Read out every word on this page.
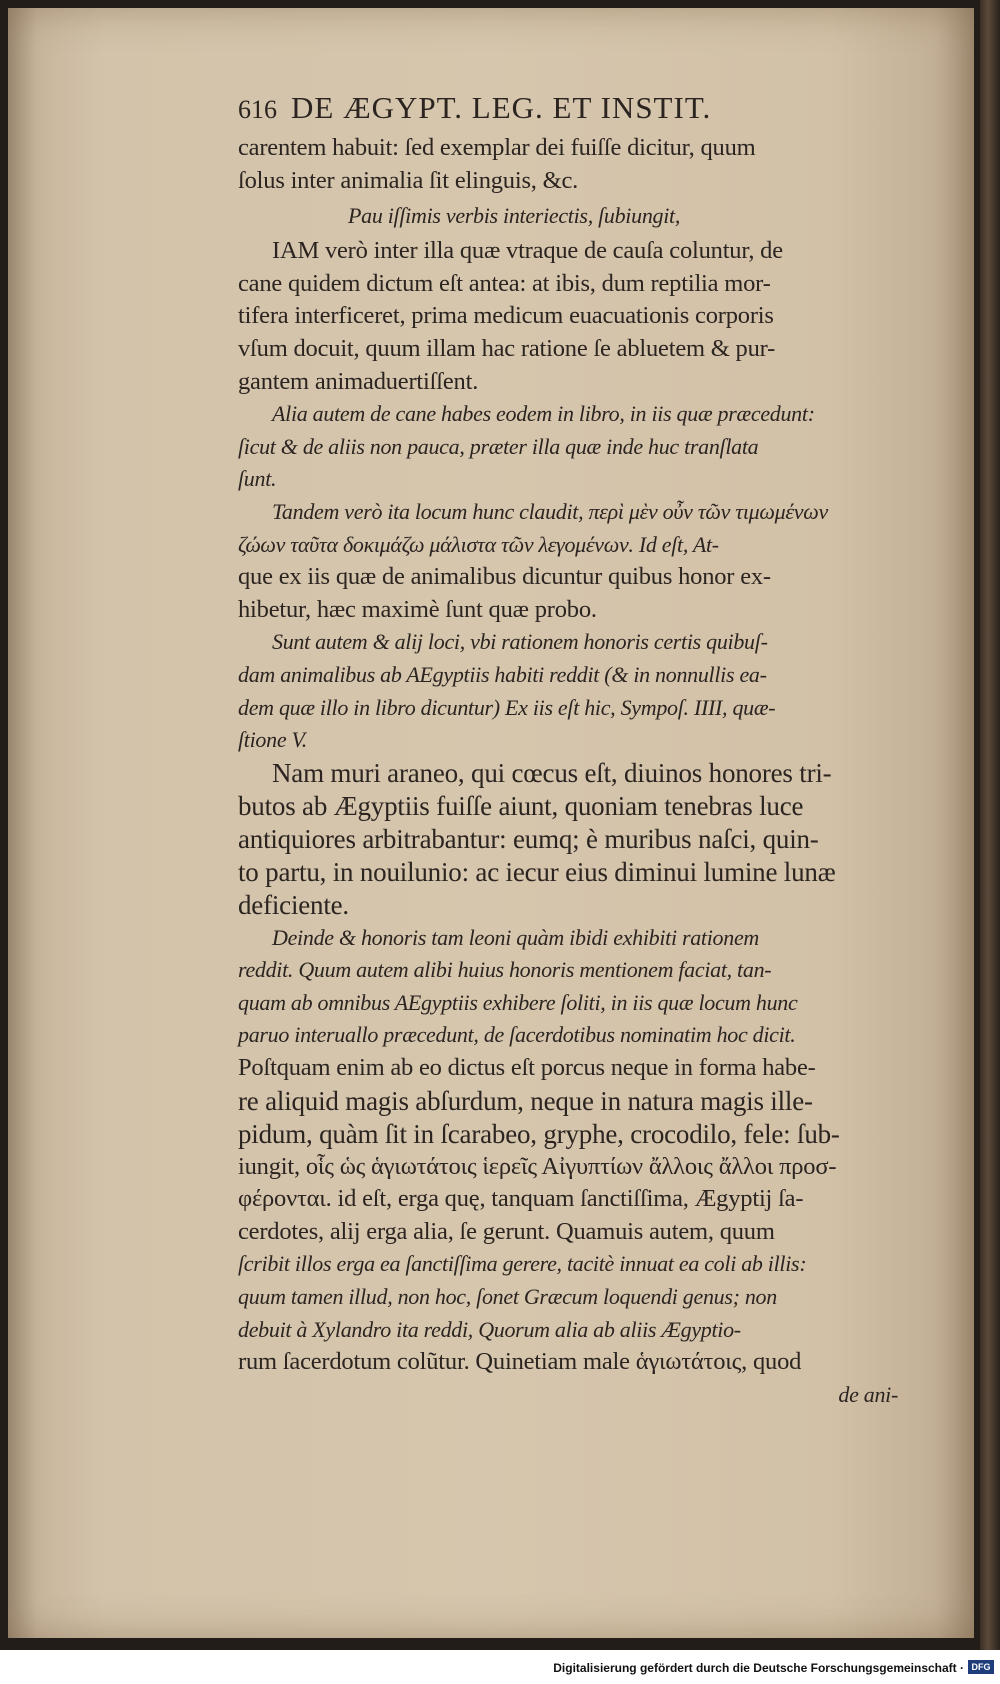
616 DE ÆGYPT. LEG. ET INSTIT.
carentem habuit: ſed exemplar dei fuiſſe dicitur, quum
ſolus inter animalia ſit elinguis, &c.
Pau iſſimis verbis interiectis, ſubiungit,
IAM verò inter illa quæ vtraque de cauſa coluntur, de
cane quidem dictum eſt antea: at ibis, dum reptilia mor-
tifera interficeret, prima medicum euacuationis corporis
vſum docuit, quum illam hac ratione ſe abluetem & pur-
gantem animaduertiſſent.
Alia autem de cane habes eodem in libro, in iis quæ præcedunt:
ſicut & de aliis non pauca, præter illa quæ inde huc tranſlata
ſunt.
Tandem verò ita locum hunc claudit, περὶ μὲν οὖν τῶν τιμωμένων
ζώων ταῦτα δοκιμάζω μάλιστα τῶν λεγομένων. Id eſt, At-
que ex iis quæ de animalibus dicuntur quibus honor ex-
hibetur, hæc maximè ſunt quæ probo.
Sunt autem & alij loci, vbi rationem honoris certis quibuſ-
dam animalibus ab AEgyptiis habiti reddit (& in nonnullis ea-
dem quæ illo in libro dicuntur) Ex iis eſt hic, Sympoſ. IIII, quæ-
ſtione V.
Nam muri araneo, qui cœcus eſt, diuinos honores tri-
butos ab Ægyptiis fuiſſe aiunt, quoniam tenebras luce
antiquiores arbitrabantur: eumq; è muribus naſci, quin-
to partu, in nouilunio: ac iecur eius diminui lumine lunæ
deficiente.
Deinde & honoris tam leoni quàm ibidi exhibiti rationem
reddit. Quum autem alibi huius honoris mentionem faciat, tan-
quam ab omnibus AEgyptiis exhibere ſoliti, in iis quæ locum hunc
paruo interuallo præcedunt, de ſacerdotibus nominatim hoc dicit.
Poſtquam enim ab eo dictus eſt porcus neque in forma habe-
re aliquid magis abſurdum, neque in natura magis ille-
pidum, quàm ſit in ſcarabeo, gryphe, crocodilo, fele: ſub-
iungit, οἷς ὡς ἁγιωτάτοις ἱερεῖς Αἰγυπτίων ἄλλοις ἄλλοι προσ-
φέρονται. id eſt, erga quę, tanquam ſanctiſſima, Ægyptij ſa-
cerdotes, alij erga alia, ſe gerunt. Quamuis autem, quum
ſcribit illos erga ea ſanctiſſima gerere, tacitè innuat ea coli ab illis:
quum tamen illud, non hoc, ſonet Græcum loquendi genus; non
debuit à Xylandro ita reddi, Quorum alia ab aliis Ægyptio-
rum ſacerdotum colũtur. Quinetiam male ἁγιωτάτοις, quod
de ani-
Digitalisierung gefördert durch die Deutsche Forschungsgemeinschaft · DFG
